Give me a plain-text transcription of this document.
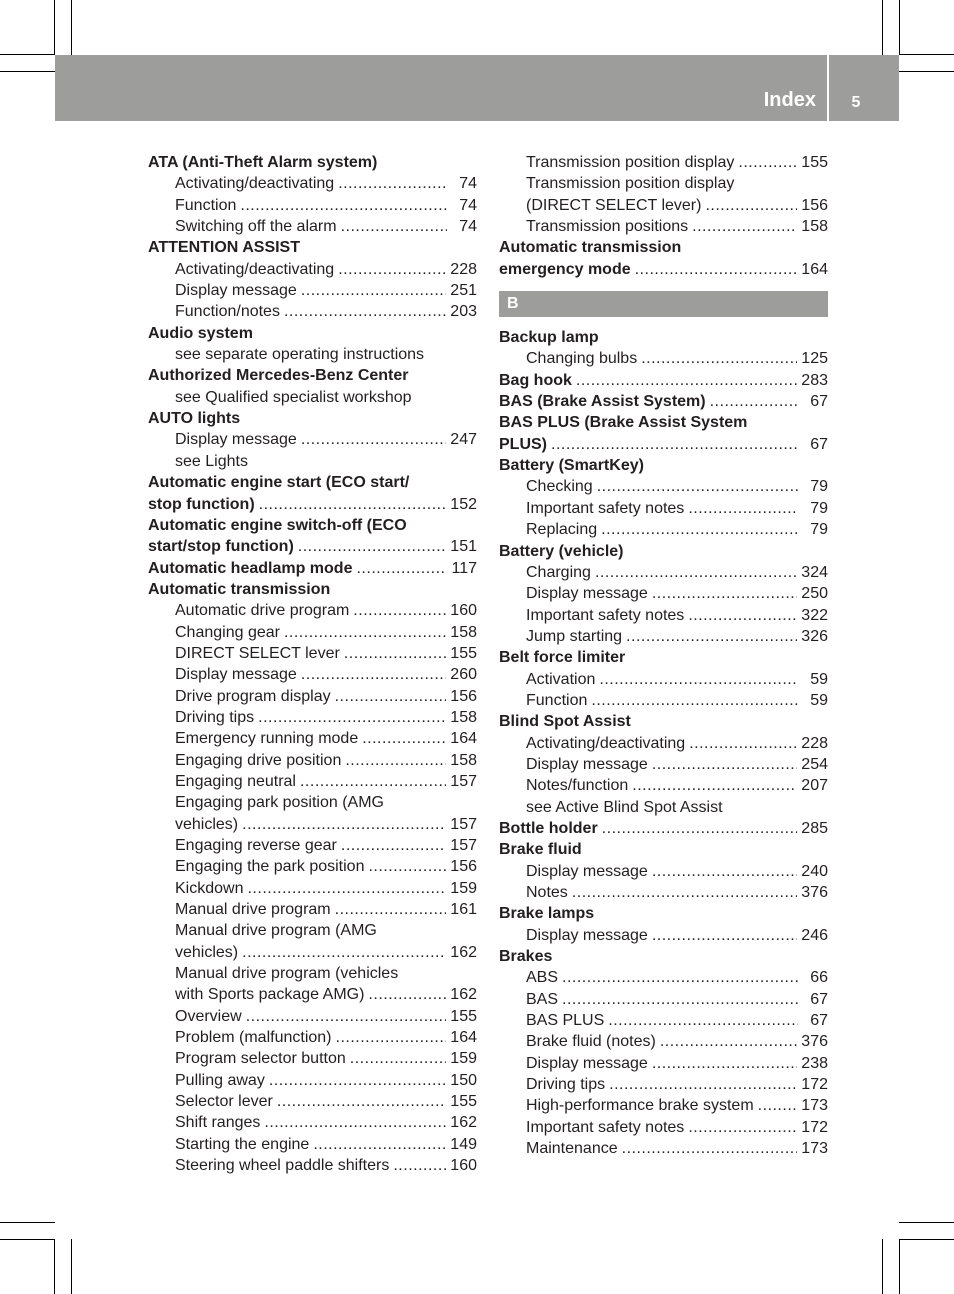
Index	5
ATA (Anti-Theft Alarm system)
Activating/deactivating .....	74
Function .....	74
Switching off the alarm .....	74
ATTENTION ASSIST
Activating/deactivating .....	228
Display message .....	251
Function/notes .....	203
Audio system
see separate operating instructions
Authorized Mercedes-Benz Center
see Qualified specialist workshop
AUTO lights
Display message .....	247
see Lights
Automatic engine start (ECO start/
stop function) .....	152
Automatic engine switch-off (ECO
start/stop function) .....	151
Automatic headlamp mode .....	117
Automatic transmission
Automatic drive program .....	160
Changing gear .....	158
DIRECT SELECT lever .....	155
Display message .....	260
Drive program display .....	156
Driving tips .....	158
Emergency running mode .....	164
Engaging drive position .....	158
Engaging neutral .....	157
Engaging park position (AMG
vehicles) .....	157
Engaging reverse gear .....	157
Engaging the park position .....	156
Kickdown .....	159
Manual drive program .....	161
Manual drive program (AMG
vehicles) .....	162
Manual drive program (vehicles
with Sports package AMG) .....	162
Overview .....	155
Problem (malfunction) .....	164
Program selector button .....	159
Pulling away .....	150
Selector lever .....	155
Shift ranges .....	162
Starting the engine .....	149
Steering wheel paddle shifters .....	160
Transmission position display .....	155
Transmission position display
(DIRECT SELECT lever) .....	156
Transmission positions .....	158
Automatic transmission
emergency mode .....	164
B
Backup lamp
Changing bulbs .....	125
Bag hook .....	283
BAS (Brake Assist System) .....	67
BAS PLUS (Brake Assist System
PLUS) .....	67
Battery (SmartKey)
Checking .....	79
Important safety notes .....	79
Replacing .....	79
Battery (vehicle)
Charging .....	324
Display message .....	250
Important safety notes .....	322
Jump starting .....	326
Belt force limiter
Activation .....	59
Function .....	59
Blind Spot Assist
Activating/deactivating .....	228
Display message .....	254
Notes/function .....	207
see Active Blind Spot Assist
Bottle holder .....	285
Brake fluid
Display message .....	240
Notes .....	376
Brake lamps
Display message .....	246
Brakes
ABS .....	66
BAS .....	67
BAS PLUS .....	67
Brake fluid (notes) .....	376
Display message .....	238
Driving tips .....	172
High-performance brake system .....	173
Important safety notes .....	172
Maintenance .....	173
